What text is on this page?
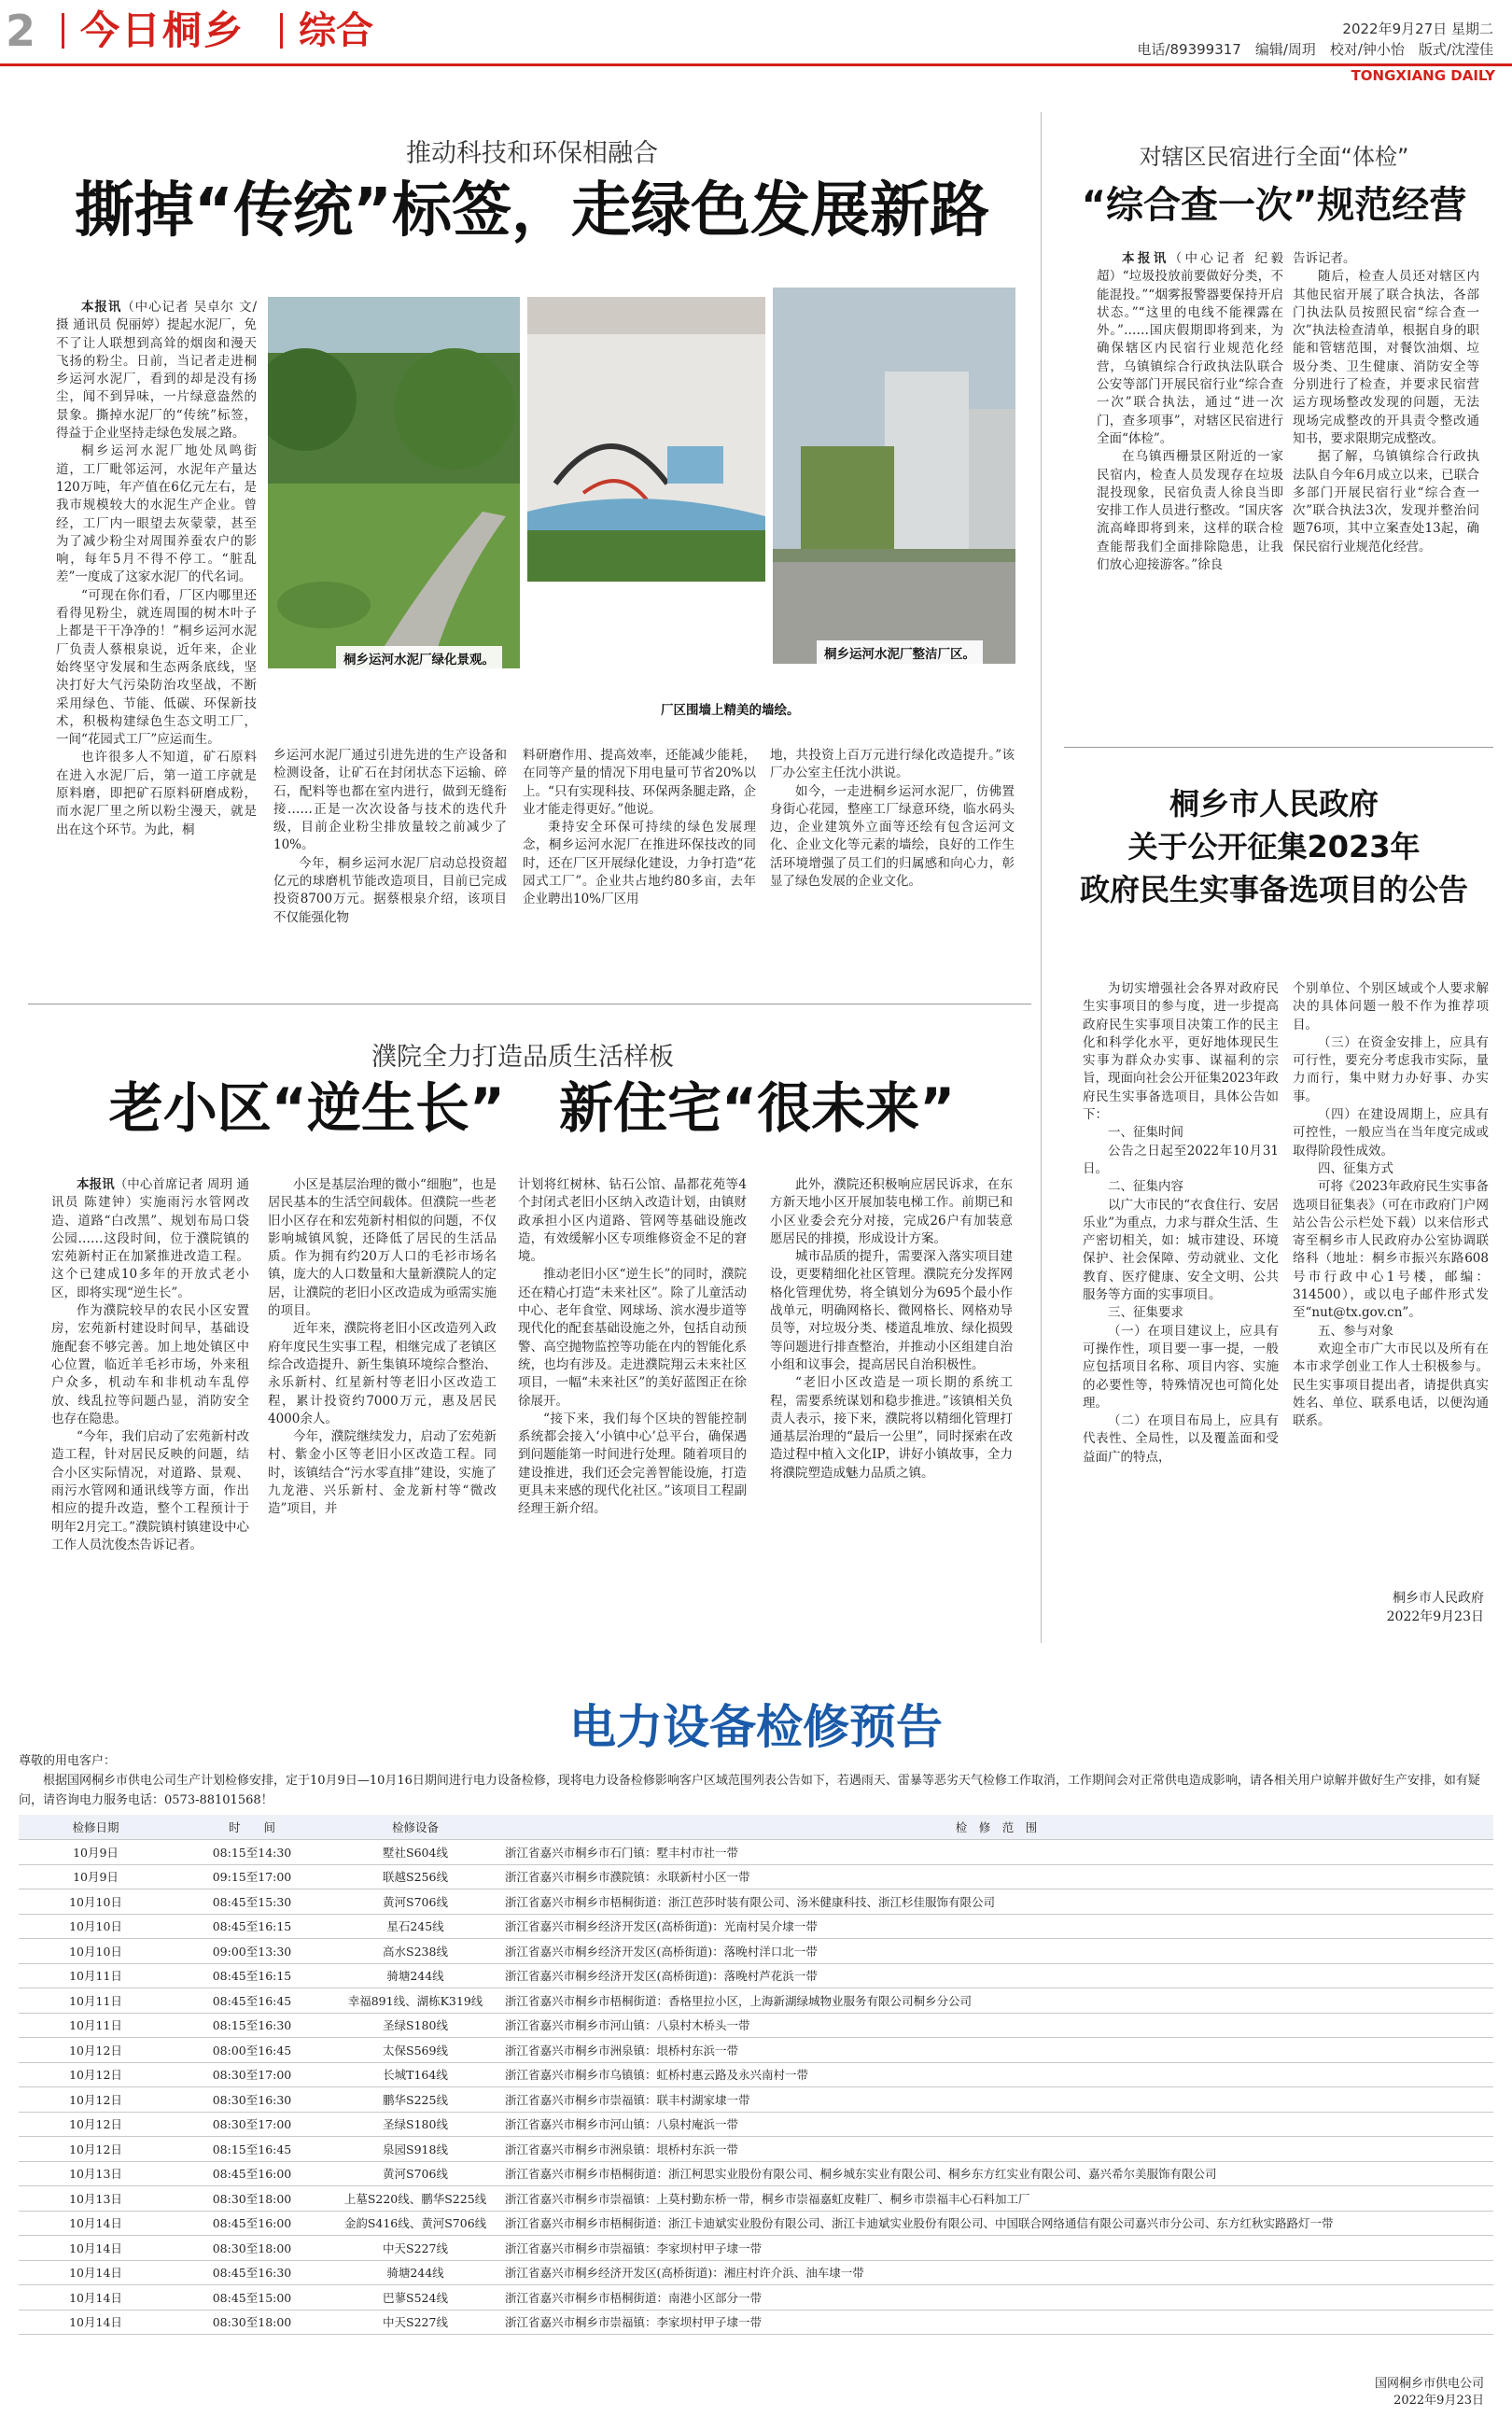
2 今日桐乡 综合	2022年9月27日 星期二
电话/89399317　编辑/周玥　校对/钟小怡　版式/沈滢佳
TONGXIANG DAILY
推动科技和环保相融合
撕掉“传统”标签，走绿色发展新路

本报讯（中心记者 吴卓尔 文/摄 通讯员 倪丽婷）提起水泥厂，免不了让人联想到高耸的烟囱和漫天飞扬的粉尘。日前，当记者走进桐乡运河水泥厂，看到的却是没有扬尘，闻不到异味，一片绿意盎然的景象。撕掉水泥厂的“传统”标签，得益于企业坚持走绿色发展之路。

桐乡运河水泥厂地处凤鸣街道，工厂毗邻运河，水泥年产量达120万吨，年产值在6亿元左右，是我市规模较大的水泥生产企业。曾经，工厂内一眼望去灰蒙蒙，甚至为了减少粉尘对周围养蚕农户的影响，每年5月不得不停工。“脏乱差”一度成了这家水泥厂的代名词。

“可现在你们看，厂区内哪里还看得见粉尘，就连周围的树木叶子上都是干干净净的！”桐乡运河水泥厂负责人蔡根泉说，近年来，企业始终坚守发展和生态两条底线，坚决打好大气污染防治攻坚战，不断采用绿色、节能、低碳、环保新技术，积极构建绿色生态文明工厂，一间“花园式工厂”应运而生。

也许很多人不知道，矿石原料在进入水泥厂后，第一道工序就是原料磨，即把矿石原料研磨成粉，而水泥厂里之所以粉尘漫天，就是出在这个环节。为此，桐

桐乡运河水泥厂绿化景观。
厂区围墙上精美的墙绘。
桐乡运河水泥厂整洁厂区。

乡运河水泥厂通过引进先进的生产设备和检测设备，让矿石在封闭状态下运输、碎石，配料等也都在室内进行，做到无缝衔接……正是一次次设备与技术的迭代升级，目前企业粉尘排放量较之前减少了10%。

今年，桐乡运河水泥厂启动总投资超亿元的球磨机节能改造项目，目前已完成投资8700万元。据蔡根泉介绍，该项目不仅能强化物

料研磨作用、提高效率，还能减少能耗，在同等产量的情况下用电量可节省20%以上。“只有实现科技、环保两条腿走路，企业才能走得更好。”他说。

秉持安全环保可持续的绿色发展理念，桐乡运河水泥厂在推进环保技改的同时，还在厂区开展绿化建设，力争打造“花园式工厂”。企业共占地约80多亩，去年企业聘出10%厂区用

地，共投资上百万元进行绿化改造提升。”该厂办公室主任沈小洪说。

如今，一走进桐乡运河水泥厂，仿佛置身街心花园，整座工厂绿意环绕，临水码头边，企业建筑外立面等还绘有包含运河文化、企业文化等元素的墙绘，良好的工作生活环境增强了员工们的归属感和向心力，彰显了绿色发展的企业文化。

对辖区民宿进行全面“体检”
“综合查一次”规范经营

本报讯（中心记者 纪毅超）“垃圾投放前要做好分类，不能混投。”“烟雾报警器要保持开启状态。”“这里的电线不能裸露在外。”……国庆假期即将到来，为确保辖区内民宿行业规范化经营，乌镇镇综合行政执法队联合公安等部门开展民宿行业“综合查一次”联合执法，通过“进一次门，查多项事”，对辖区民宿进行全面“体检”。

在乌镇西栅景区附近的一家民宿内，检查人员发现存在垃圾混投现象，民宿负责人徐良当即安排工作人员进行整改。“国庆客流高峰即将到来，这样的联合检查能帮我们全面排除隐患，让我们放心迎接游客。”徐良

告诉记者。

随后，检查人员还对辖区内其他民宿开展了联合执法，各部门执法队员按照民宿“综合查一次”执法检查清单，根据自身的职能和管辖范围，对餐饮油烟、垃圾分类、卫生健康、消防安全等分别进行了检查，并要求民宿营运方现场整改发现的问题，无法现场完成整改的开具责令整改通知书，要求限期完成整改。

据了解，乌镇镇综合行政执法队自今年6月成立以来，已联合多部门开展民宿行业“综合查一次”联合执法3次，发现并整治问题76项，其中立案查处13起，确保民宿行业规范化经营。

桐乡市人民政府
关于公开征集2023年
政府民生实事备选项目的公告

为切实增强社会各界对政府民生实事项目的参与度，进一步提高政府民生实事项目决策工作的民主化和科学化水平，更好地体现民生实事为群众办实事、谋福利的宗旨，现面向社会公开征集2023年政府民生实事备选项目，具体公告如下：

一、征集时间

公告之日起至2022年10月31日。

二、征集内容

以广大市民的“衣食住行、安居乐业”为重点，力求与群众生活、生产密切相关，如：城市建设、环境保护、社会保障、劳动就业、文化教育、医疗健康、安全文明、公共服务等方面的实事项目。

三、征集要求

（一）在项目建议上，应具有可操作性，项目要一事一提，一般应包括项目名称、项目内容、实施的必要性等，特殊情况也可简化处理。

（二）在项目布局上，应具有代表性、全局性，以及覆盖面和受益面广的特点，

个别单位、个别区域或个人要求解决的具体问题一般不作为推荐项目。

（三）在资金安排上，应具有可行性，要充分考虑我市实际，量力而行，集中财力办好事、办实事。

（四）在建设周期上，应具有可控性，一般应当在当年度完成或取得阶段性成效。

四、征集方式

可将《2023年政府民生实事备选项目征集表》（可在市政府门户网站公告公示栏处下载）以来信形式寄至桐乡市人民政府办公室协调联络科（地址：桐乡市振兴东路608号市行政中心1号楼，邮编：314500），或以电子邮件形式发至“nut@tx.gov.cn”。

五、参与对象

欢迎全市广大市民以及所有在本市求学创业工作人士积极参与。民生实事项目提出者，请提供真实姓名、单位、联系电话，以便沟通联系。

桐乡市人民政府
2022年9月23日
濮院全力打造品质生活样板
老小区“逆生长”　新住宅“很未来”

本报讯（中心首席记者 周玥 通讯员 陈建钟）实施雨污水管网改造、道路“白改黑”、规划布局口袋公园……这段时间，位于濮院镇的宏苑新村正在加紧推进改造工程。这个已建成10多年的开放式老小区，即将实现“逆生长”。

作为濮院较早的农民小区安置房，宏苑新村建设时间早，基础设施配套不够完善。加上地处镇区中心位置，临近羊毛衫市场，外来租户众多，机动车和非机动车乱停放、线乱拉等问题凸显，消防安全也存在隐患。

“今年，我们启动了宏苑新村改造工程，针对居民反映的问题，结合小区实际情况，对道路、景观、雨污水管网和通讯线等方面，作出相应的提升改造，整个工程预计于明年2月完工。”濮院镇村镇建设中心工作人员沈俊杰告诉记者。

小区是基层治理的微小“细胞”，也是居民基本的生活空间载体。但濮院一些老旧小区存在和宏苑新村相似的问题，不仅影响城镇风貌，还降低了居民的生活品质。作为拥有约20万人口的毛衫市场名镇，庞大的人口数量和大量新濮院人的定居，让濮院的老旧小区改造成为亟需实施的项目。

近年来，濮院将老旧小区改造列入政府年度民生实事工程，相继完成了老镇区综合改造提升、新生集镇环境综合整治、永乐新村、红星新村等老旧小区改造工程，累计投资约7000万元，惠及居民4000余人。

今年，濮院继续发力，启动了宏苑新村、紫金小区等老旧小区改造工程。同时，该镇结合“污水零直排”建设，实施了九龙港、兴乐新村、金龙新村等“微改造”项目，并

计划将红树林、钻石公馆、晶都花苑等4个封闭式老旧小区纳入改造计划，由镇财政承担小区内道路、管网等基础设施改造，有效缓解小区专项维修资金不足的窘境。

推动老旧小区“逆生长”的同时，濮院还在精心打造“未来社区”。除了儿童活动中心、老年食堂、网球场、滨水漫步道等现代化的配套基础设施之外，包括自动预警、高空抛物监控等功能在内的智能化系统，也均有涉及。走进濮院翔云未来社区项目，一幅“未来社区”的美好蓝图正在徐徐展开。

“接下来，我们每个区块的智能控制系统都会接入‘小镇中心’总平台，确保遇到问题能第一时间进行处理。随着项目的建设推进，我们还会完善智能设施，打造更具未来感的现代化社区。”该项目工程副经理王新介绍。

此外，濮院还积极响应居民诉求，在东方新天地小区开展加装电梯工作。前期已和小区业委会充分对接，完成26户有加装意愿居民的排摸，形成设计方案。

城市品质的提升，需要深入落实项目建设，更要精细化社区管理。濮院充分发挥网格化管理优势，将全镇划分为695个最小作战单元，明确网格长、微网格长、网格劝导员等，对垃圾分类、楼道乱堆放、绿化损毁等问题进行排查整治，并推动小区组建自治小组和议事会，提高居民自治积极性。

“老旧小区改造是一项长期的系统工程，需要系统谋划和稳步推进。”该镇相关负责人表示，接下来，濮院将以精细化管理打通基层治理的“最后一公里”，同时探索在改造过程中植入文化IP，讲好小镇故事，全力将濮院塑造成魅力品质之镇。

电力设备检修预告
尊敬的用电客户：
根据国网桐乡市供电公司生产计划检修安排，定于10月9日—10月16日期间进行电力设备检修，现将电力设备检修影响客户区域范围列表公告如下，若遇雨天、雷暴等恶劣天气检修工作取消，工作期间会对正常供电造成影响，请各相关用户谅解并做好生产安排，如有疑问，请咨询电力服务电话：0573-88101568！
检修日期	时　　间	检修设备	检　修　范　围
10月9日	08:15至14:30	墅社S604线	浙江省嘉兴市桐乡市石门镇：墅丰村市社一带
10月9日	09:15至17:00	联越S256线	浙江省嘉兴市桐乡市濮院镇：永联新村小区一带
10月10日	08:45至15:30	黄河S706线	浙江省嘉兴市桐乡市梧桐街道：浙江芭莎时装有限公司、汤米健康科技、浙江杉佳服饰有限公司
10月10日	08:45至16:15	星石245线	浙江省嘉兴市桐乡经济开发区(高桥街道)：光南村吴介埭一带
10月10日	09:00至13:30	高水S238线	浙江省嘉兴市桐乡经济开发区(高桥街道)：落晚村洋口北一带
10月11日	08:45至16:15	骑塘244线	浙江省嘉兴市桐乡经济开发区(高桥街道)：落晚村芦花浜一带
10月11日	08:45至16:45	幸福891线、湖栋K319线	浙江省嘉兴市桐乡市梧桐街道：香格里拉小区，上海新湖绿城物业服务有限公司桐乡分公司
10月11日	08:15至16:30	圣绿S180线	浙江省嘉兴市桐乡市河山镇：八泉村木桥头一带
10月12日	08:00至16:45	太保S569线	浙江省嘉兴市桐乡市洲泉镇：垠桥村东浜一带
10月12日	08:30至17:00	长城T164线	浙江省嘉兴市桐乡市乌镇镇：虹桥村惠云路及永兴南村一带
10月12日	08:30至16:30	鹏华S225线	浙江省嘉兴市桐乡市崇福镇：联丰村湖家埭一带
10月12日	08:30至17:00	圣绿S180线	浙江省嘉兴市桐乡市河山镇：八泉村庵浜一带
10月12日	08:15至16:45	泉园S918线	浙江省嘉兴市桐乡市洲泉镇：垠桥村东浜一带
10月13日	08:45至16:00	黄河S706线	浙江省嘉兴市桐乡市梧桐街道：浙江柯思实业股份有限公司、桐乡城东实业有限公司、桐乡东方红实业有限公司、嘉兴希尔美服饰有限公司
10月13日	08:30至18:00	上墓S220线、鹏华S225线	浙江省嘉兴市桐乡市崇福镇：上莫村勤东桥一带，桐乡市崇福嘉虹皮鞋厂、桐乡市崇福丰心石料加工厂
10月14日	08:45至16:00	金韵S416线、黄河S706线	浙江省嘉兴市桐乡市梧桐街道：浙江卡迪斌实业股份有限公司、浙江卡迪斌实业股份有限公司、中国联合网络通信有限公司嘉兴市分公司、东方红秋实路路灯一带
10月14日	08:30至18:00	中天S227线	浙江省嘉兴市桐乡市崇福镇：李家坝村甲子埭一带
10月14日	08:45至16:30	骑塘244线	浙江省嘉兴市桐乡经济开发区(高桥街道)：湘庄村许介浜、油车埭一带
10月14日	08:45至15:00	巴蓼S524线	浙江省嘉兴市桐乡市梧桐街道：南港小区部分一带
10月14日	08:30至18:00	中天S227线	浙江省嘉兴市桐乡市崇福镇：李家坝村甲子埭一带
国网桐乡市供电公司
2022年9月23日
